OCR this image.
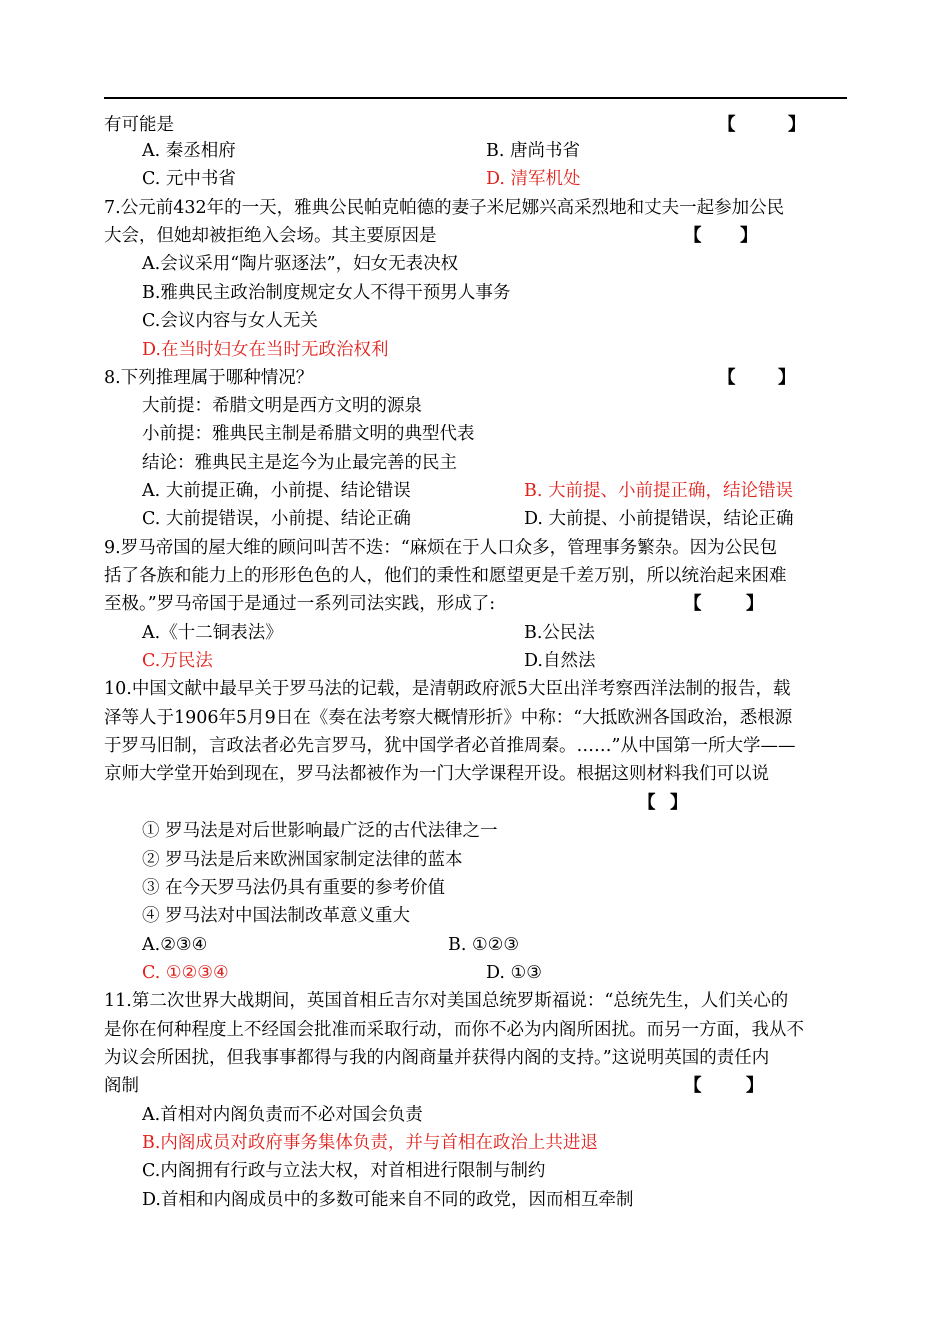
有可能是	【	】
A. 秦丞相府	B. 唐尚书省
C. 元中书省	D. 清军机处
7.公元前432年的一天，雅典公民帕克帕德的妻子米尼娜兴高采烈地和丈夫一起参加公民
大会，但她却被拒绝入会场。其主要原因是	【 】
A.会议采用“陶片驱逐法”，妇女无表决权
B.雅典民主政治制度规定女人不得干预男人事务
C.会议内容与女人无关
D.在当时妇女在当时无政治权利
8.下列推理属于哪种情况？	【 】
大前提：希腊文明是西方文明的源泉
小前提：雅典民主制是希腊文明的典型代表
结论：雅典民主是迄今为止最完善的民主
A. 大前提正确，小前提、结论错误	B. 大前提、小前提正确，结论错误
C. 大前提错误，小前提、结论正确	D. 大前提、小前提错误，结论正确
9.罗马帝国的屋大维的顾问叫苦不迭：“麻烦在于人口众多，管理事务繁杂。因为公民包
括了各族和能力上的形形色色的人，他们的秉性和愿望更是千差万别，所以统治起来困难
至极。”罗马帝国于是通过一系列司法实践，形成了:	【	】
A.《十二铜表法》	B.公民法
C.万民法	D.自然法
10.中国文献中最早关于罗马法的记载，是清朝政府派5大臣出洋考察西洋法制的报告，载
泽等人于1906年5月9日在《奏在法考察大概情形折》中称：“大抵欧洲各国政治，悉根源
于罗马旧制，言政法者必先言罗马，犹中国学者必首推周秦。……”从中国第一所大学——
京师大学堂开始到现在，罗马法都被作为一门大学课程开设。根据这则材料我们可以说
【 】
① 罗马法是对后世影响最广泛的古代法律之一
② 罗马法是后来欧洲国家制定法律的蓝本
③ 在今天罗马法仍具有重要的参考价值
④ 罗马法对中国法制改革意义重大
A.②③④	B. ①②③
C. ①②③④	D. ①③
11.第二次世界大战期间，英国首相丘吉尔对美国总统罗斯福说：“总统先生，人们关心的
是你在何种程度上不经国会批准而采取行动，而你不必为内阁所困扰。而另一方面，我从不
为议会所困扰，但我事事都得与我的内阁商量并获得内阁的支持。”这说明英国的责任内
阁制	【	】
A.首相对内阁负责而不必对国会负责
B.内阁成员对政府事务集体负责，并与首相在政治上共进退
C.内阁拥有行政与立法大权，对首相进行限制与制约
D.首相和内阁成员中的多数可能来自不同的政党，因而相互牵制
